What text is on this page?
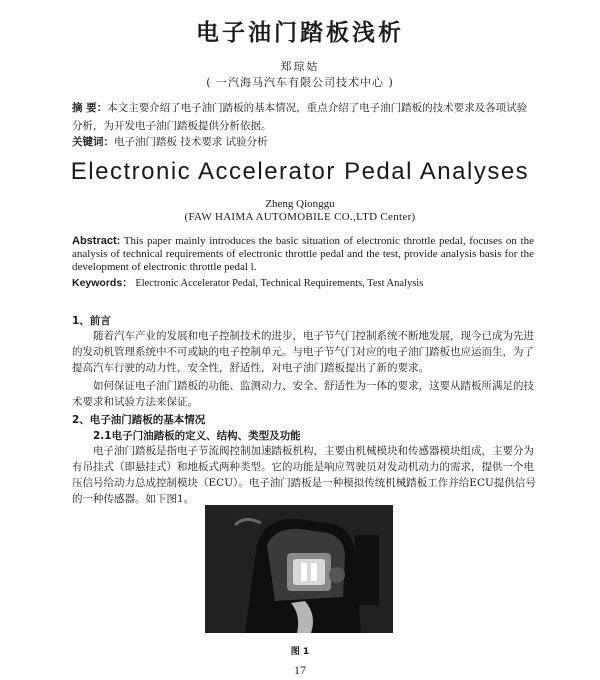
电子油门踏板浅析
郑琼姑
( 一汽海马汽车有限公司技术中心 )
摘 要：本文主要介绍了电子油门踏板的基本情况，重点介绍了电子油门踏板的技术要求及各项试验分析，为开发电子油门踏板提供分析依据。
关键词：电子油门踏板 技术要求 试验分析
Electronic Accelerator Pedal Analyses
Zheng Qionggu
(FAW HAIMA AUTOMOBILE CO.,LTD Center)
Abstract: This paper mainly introduces the basic situation of electronic throttle pedal, focuses on the analysis of technical requirements of electronic throttle pedal and the test, provide analysis basis for the development of electronic throttle pedal l.
Keywords： Electronic Accelerator Pedal, Technical Requirements, Test Analysis
1、前言
随着汽车产业的发展和电子控制技术的进步，电子节气门控制系统不断地发展，现今已成为先进的发动机管理系统中不可或缺的电子控制单元。与电子节气门对应的电子油门踏板也应运而生，为了提高汽车行驶的动力性，安全性，舒适性，对电子油门踏板提出了新的要求。
如何保证电子油门踏板的功能、监测动力、安全、舒适性为一体的要求，这要从踏板所满足的技术要求和试验方法来保证。
2、电子油门踏板的基本情况
2.1电子门油踏板的定义、结构、类型及功能
电子油门踏板是指电子节流阀控制加速踏板机构，主要由机械模块和传感器模块组成，主要分为有吊挂式（即悬挂式）和地板式两种类型。它的功能是响应驾驶员对发动机动力的需求，提供一个电压信号给动力总成控制模块（ECU）。电子油门踏板是一种模拟传统机械踏板工作并给ECU提供信号的一种传感器。如下图1。
图 1
17
